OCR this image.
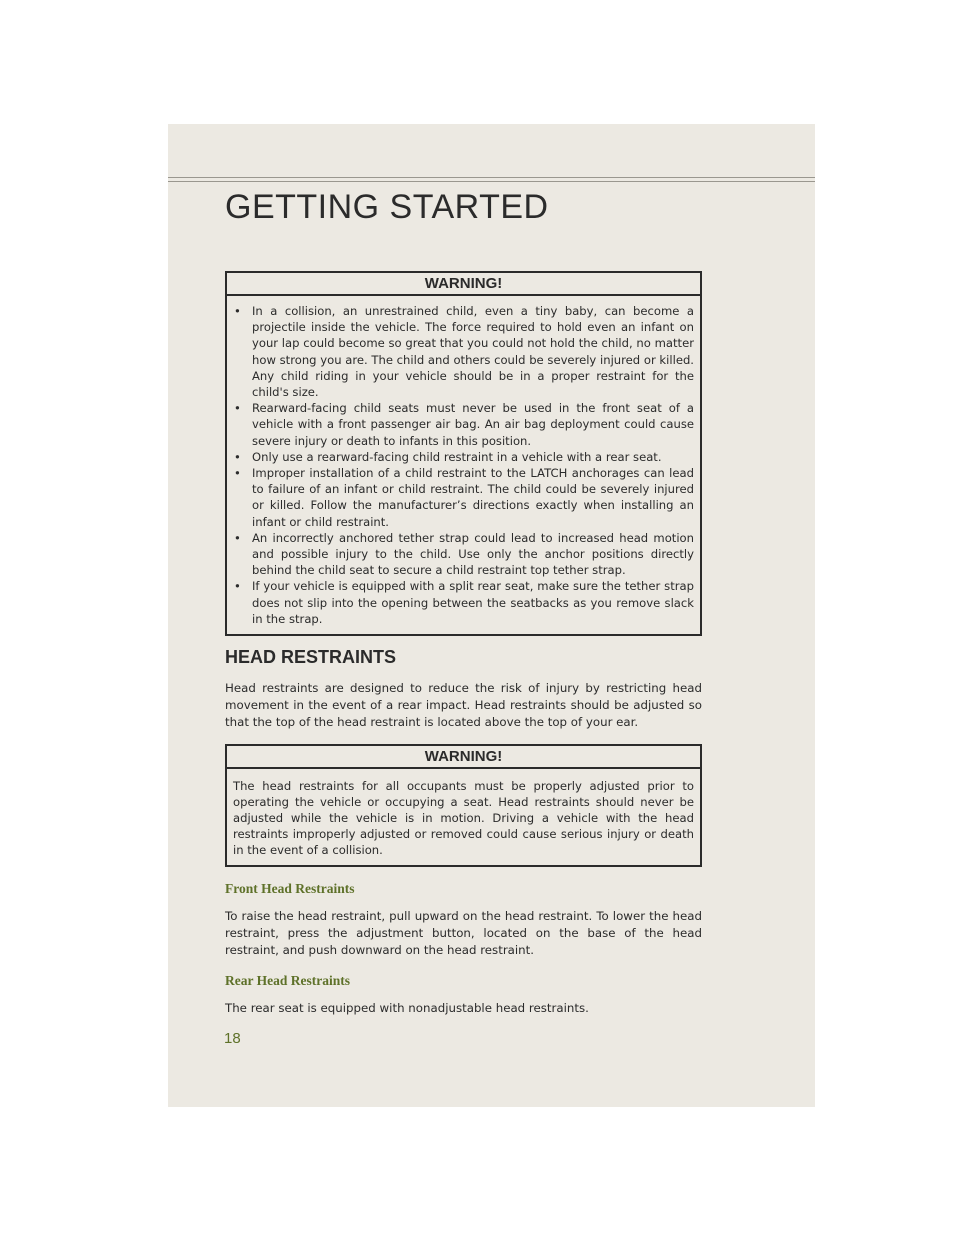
GETTING STARTED
WARNING!
• In a collision, an unrestrained child, even a tiny baby, can become a projectile inside the vehicle. The force required to hold even an infant on your lap could become so great that you could not hold the child, no matter how strong you are. The child and others could be severely injured or killed. Any child riding in your vehicle should be in a proper restraint for the child's size.
• Rearward-facing child seats must never be used in the front seat of a vehicle with a front passenger air bag. An air bag deployment could cause severe injury or death to infants in this position.
• Only use a rearward-facing child restraint in a vehicle with a rear seat.
• Improper installation of a child restraint to the LATCH anchorages can lead to failure of an infant or child restraint. The child could be severely injured or killed. Follow the manufacturer’s directions exactly when installing an infant or child restraint.
• An incorrectly anchored tether strap could lead to increased head motion and possible injury to the child. Use only the anchor positions directly behind the child seat to secure a child restraint top tether strap.
• If your vehicle is equipped with a split rear seat, make sure the tether strap does not slip into the opening between the seatbacks as you remove slack in the strap.
HEAD RESTRAINTS

Head restraints are designed to reduce the risk of injury by restricting head movement in the event of a rear impact. Head restraints should be adjusted so that the top of the head restraint is located above the top of your ear.

WARNING!

The head restraints for all occupants must be properly adjusted prior to operating the vehicle or occupying a seat. Head restraints should never be adjusted while the vehicle is in motion. Driving a vehicle with the head restraints improperly adjusted or removed could cause serious injury or death in the event of a collision.

Front Head Restraints

To raise the head restraint, pull upward on the head restraint. To lower the head restraint, press the adjustment button, located on the base of the head restraint, and push downward on the head restraint.

Rear Head Restraints

The rear seat is equipped with nonadjustable head restraints.

18
